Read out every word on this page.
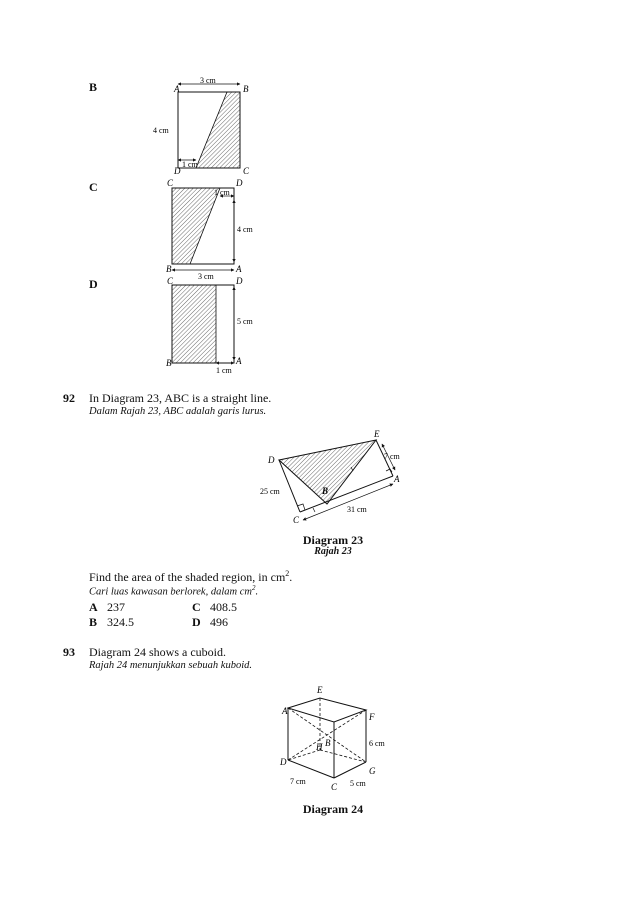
B	A	B
C
D
3 cm
4 cm
1 cm
C	C	D
B	A
1 cm
4 cm
3 cm
D	C	D
B	A
5 cm
1 cm
92 In Diagram 23, ABC is a straight line.
Dalam Rajah 23, ABC adalah garis lurus.
D
E
B
A
C
7 cm
25 cm
31 cm
Diagram 23
Rajah 23
Find the area of the shaded region, in $cm^2$.
Cari luas kawasan berlorek, dalam $cm^2$.
A 237
B 324.5
C 408.5
D 496
93 Diagram 24 shows a cuboid.
Rajah 24 menunjukkan sebuah kuboid.
A
E
F
G
C
D
B
H	6 cm
7 cm	5 cm
Diagram 24
